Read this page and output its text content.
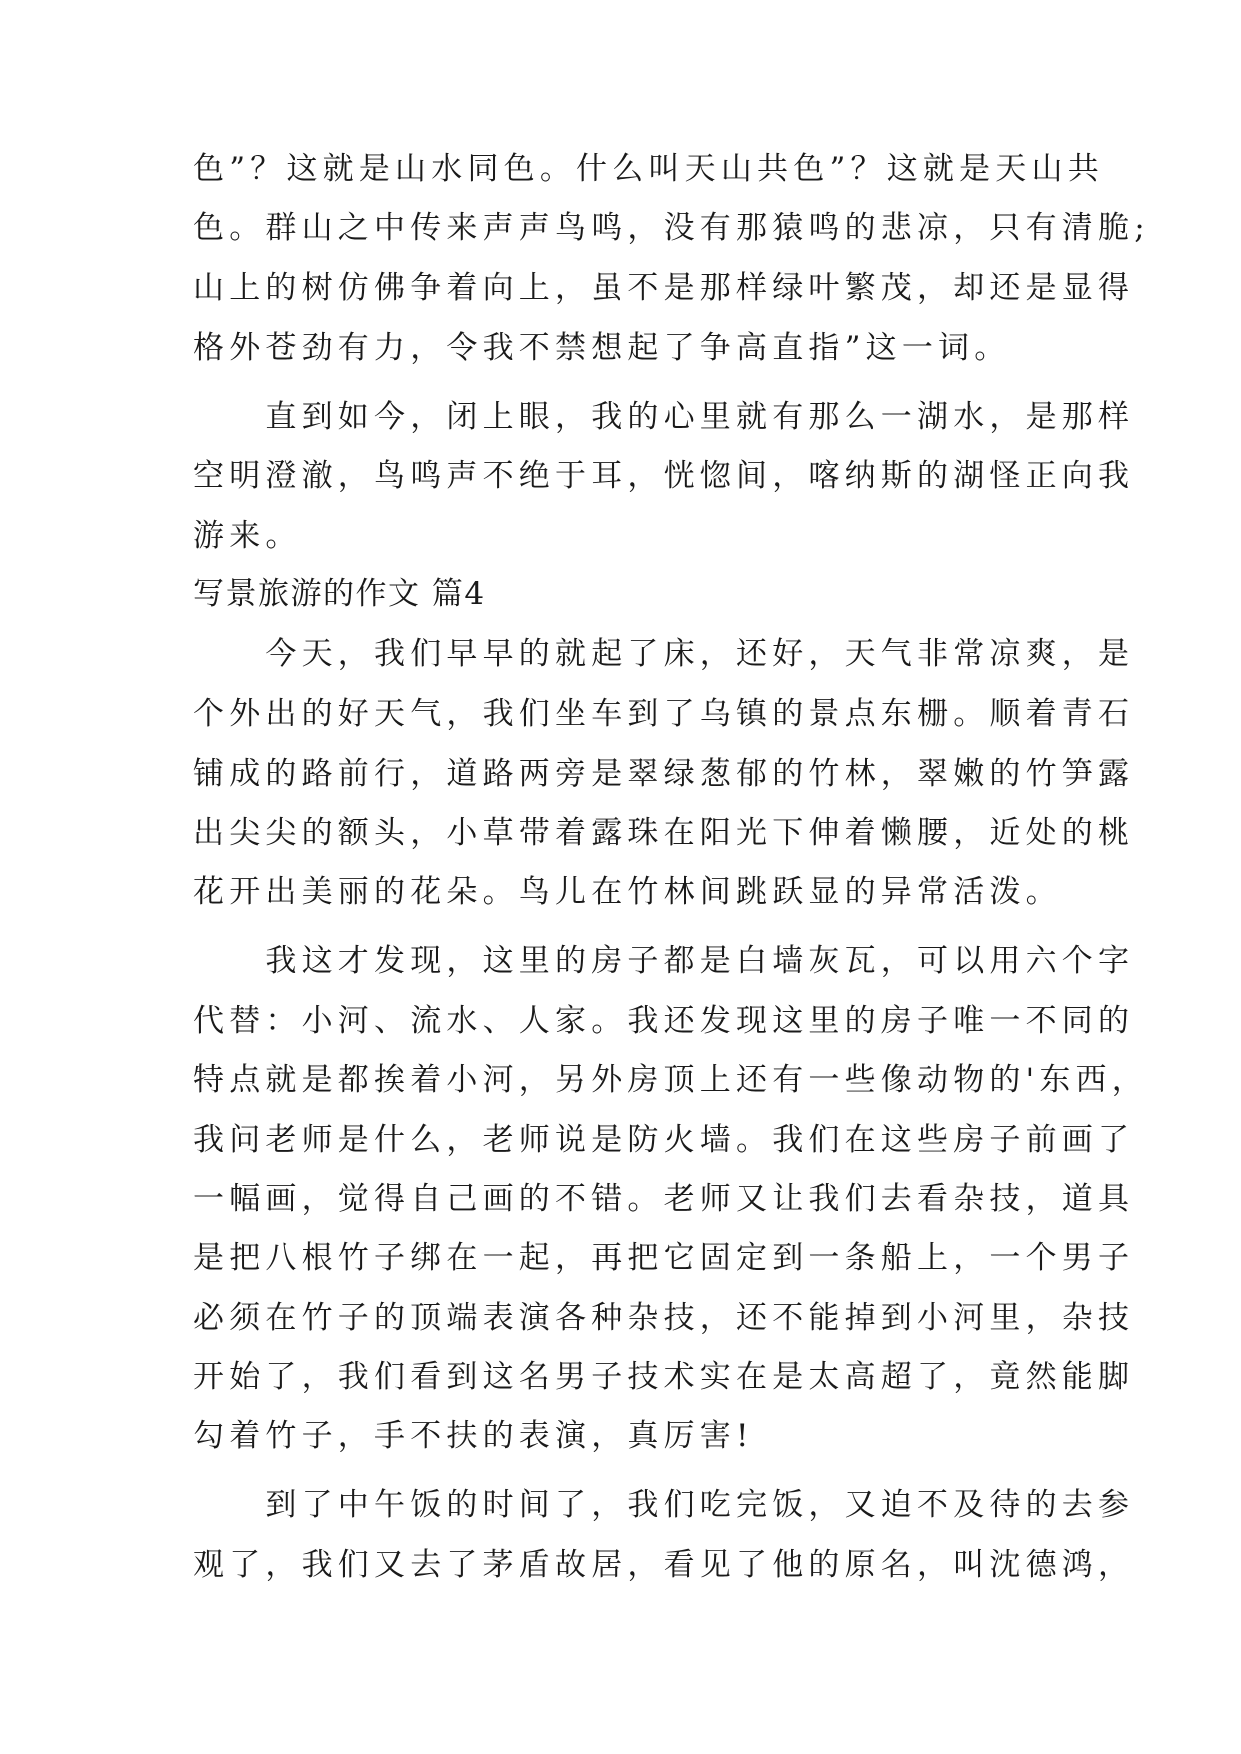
色”？这就是山水同色。什么叫天山共色”？这就是天山共
色。群山之中传来声声鸟鸣，没有那猿鸣的悲凉，只有清脆;
山上的树仿佛争着向上，虽不是那样绿叶繁茂，却还是显得
格外苍劲有力，令我不禁想起了争高直指”这一词。
　　直到如今，闭上眼，我的心里就有那么一湖水，是那样
空明澄澈，鸟鸣声不绝于耳，恍惚间，喀纳斯的湖怪正向我
游来。
写景旅游的作文 篇4
　　今天，我们早早的就起了床，还好，天气非常凉爽，是
个外出的好天气，我们坐车到了乌镇的景点东栅。顺着青石
铺成的路前行，道路两旁是翠绿葱郁的竹林，翠嫩的竹笋露
出尖尖的额头，小草带着露珠在阳光下伸着懒腰，近处的桃
花开出美丽的花朵。鸟儿在竹林间跳跃显的异常活泼。
　　我这才发现，这里的房子都是白墙灰瓦，可以用六个字
代替：小河、流水、人家。我还发现这里的房子唯一不同的
特点就是都挨着小河，另外房顶上还有一些像动物的'东西，
我问老师是什么，老师说是防火墙。我们在这些房子前画了
一幅画，觉得自己画的不错。老师又让我们去看杂技，道具
是把八根竹子绑在一起，再把它固定到一条船上，一个男子
必须在竹子的顶端表演各种杂技，还不能掉到小河里，杂技
开始了，我们看到这名男子技术实在是太高超了，竟然能脚
勾着竹子，手不扶的表演，真厉害!
　　到了中午饭的时间了，我们吃完饭，又迫不及待的去参
观了，我们又去了茅盾故居，看见了他的原名，叫沈德鸿，
